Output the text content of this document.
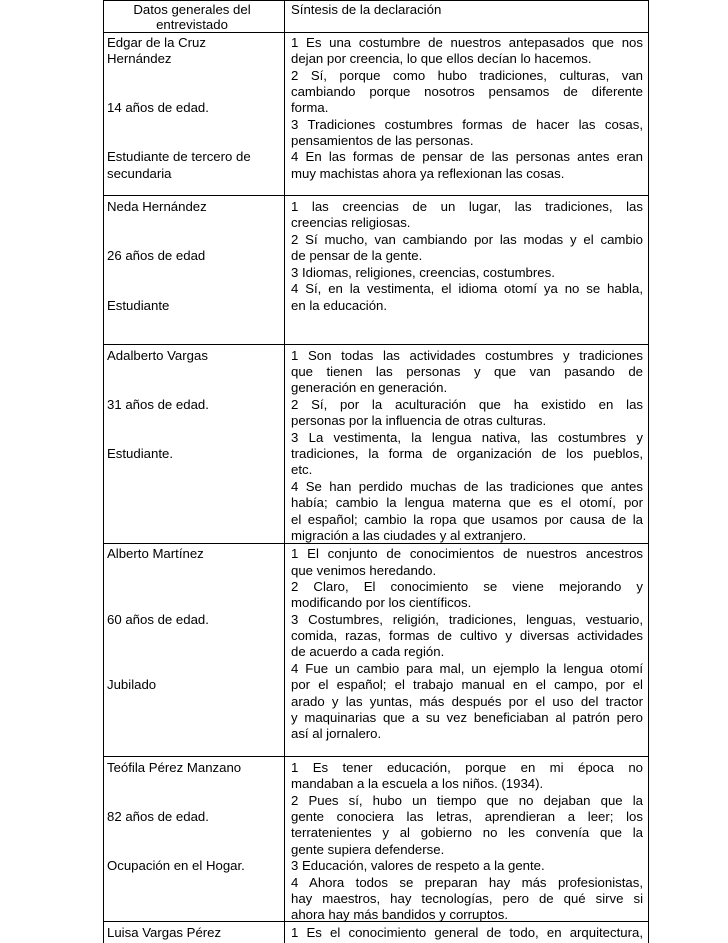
Datos generales del
entrevistado
Síntesis de la declaración
Edgar de la Cruz
Hernández
14 años de edad.
Estudiante de tercero de
secundaria
1 Es una costumbre de nuestros antepasados que nos
dejan por creencia, lo que ellos decían lo hacemos.
2 Sí, porque como hubo tradiciones, culturas, van
cambiando porque nosotros pensamos de diferente
forma.
3 Tradiciones costumbres formas de hacer las cosas,
pensamientos de las personas.
4 En las formas de pensar de las personas antes eran
muy machistas ahora ya reflexionan las cosas.
Neda Hernández
26 años de edad
Estudiante
1 las creencias de un lugar, las tradiciones, las
creencias religiosas.
2 Sí mucho, van cambiando por las modas y el cambio
de pensar de la gente.
3 Idiomas, religiones, creencias, costumbres.
4 Sí, en la vestimenta, el idioma otomí ya no se habla,
en la educación.
Adalberto Vargas
31 años de edad.
Estudiante.
1 Son todas las actividades costumbres y tradiciones
que tienen las personas y que van pasando de
generación en generación.
2 Sí, por la aculturación que ha existido en las
personas por la influencia de otras culturas.
3 La vestimenta, la lengua nativa, las costumbres y
tradiciones, la forma de organización de los pueblos,
etc.
4 Se han perdido muchas de las tradiciones que antes
había; cambio la lengua materna que es el otomí, por
el español; cambio la ropa que usamos por causa de la
migración a las ciudades y al extranjero.
Alberto Martínez
60 años de edad.
Jubilado
1 El conjunto de conocimientos de nuestros ancestros
que venimos heredando.
2 Claro, El conocimiento se viene mejorando y
modificando por los científicos.
3 Costumbres, religión, tradiciones, lenguas, vestuario,
comida, razas, formas de cultivo y diversas actividades
de acuerdo a cada región.
4 Fue un cambio para mal, un ejemplo la lengua otomí
por el español; el trabajo manual en el campo, por el
arado y las yuntas, más después por el uso del tractor
y maquinarias que a su vez beneficiaban al patrón pero
así al jornalero.
Teófila Pérez Manzano
82 años de edad.
Ocupación en el Hogar.
1 Es tener educación, porque en mi época no
mandaban a la escuela a los niños. (1934).
2 Pues sí, hubo un tiempo que no dejaban que la
gente conociera las letras, aprendieran a leer; los
terratenientes y al gobierno no les convenía que la
gente supiera defenderse.
3 Educación, valores de respeto a la gente.
4 Ahora todos se preparan hay más profesionistas,
hay maestros, hay tecnologías, pero de qué sirve si
ahora hay más bandidos y corruptos.
Luisa Vargas Pérez	1 Es el conocimiento general de todo, en arquitectura,
